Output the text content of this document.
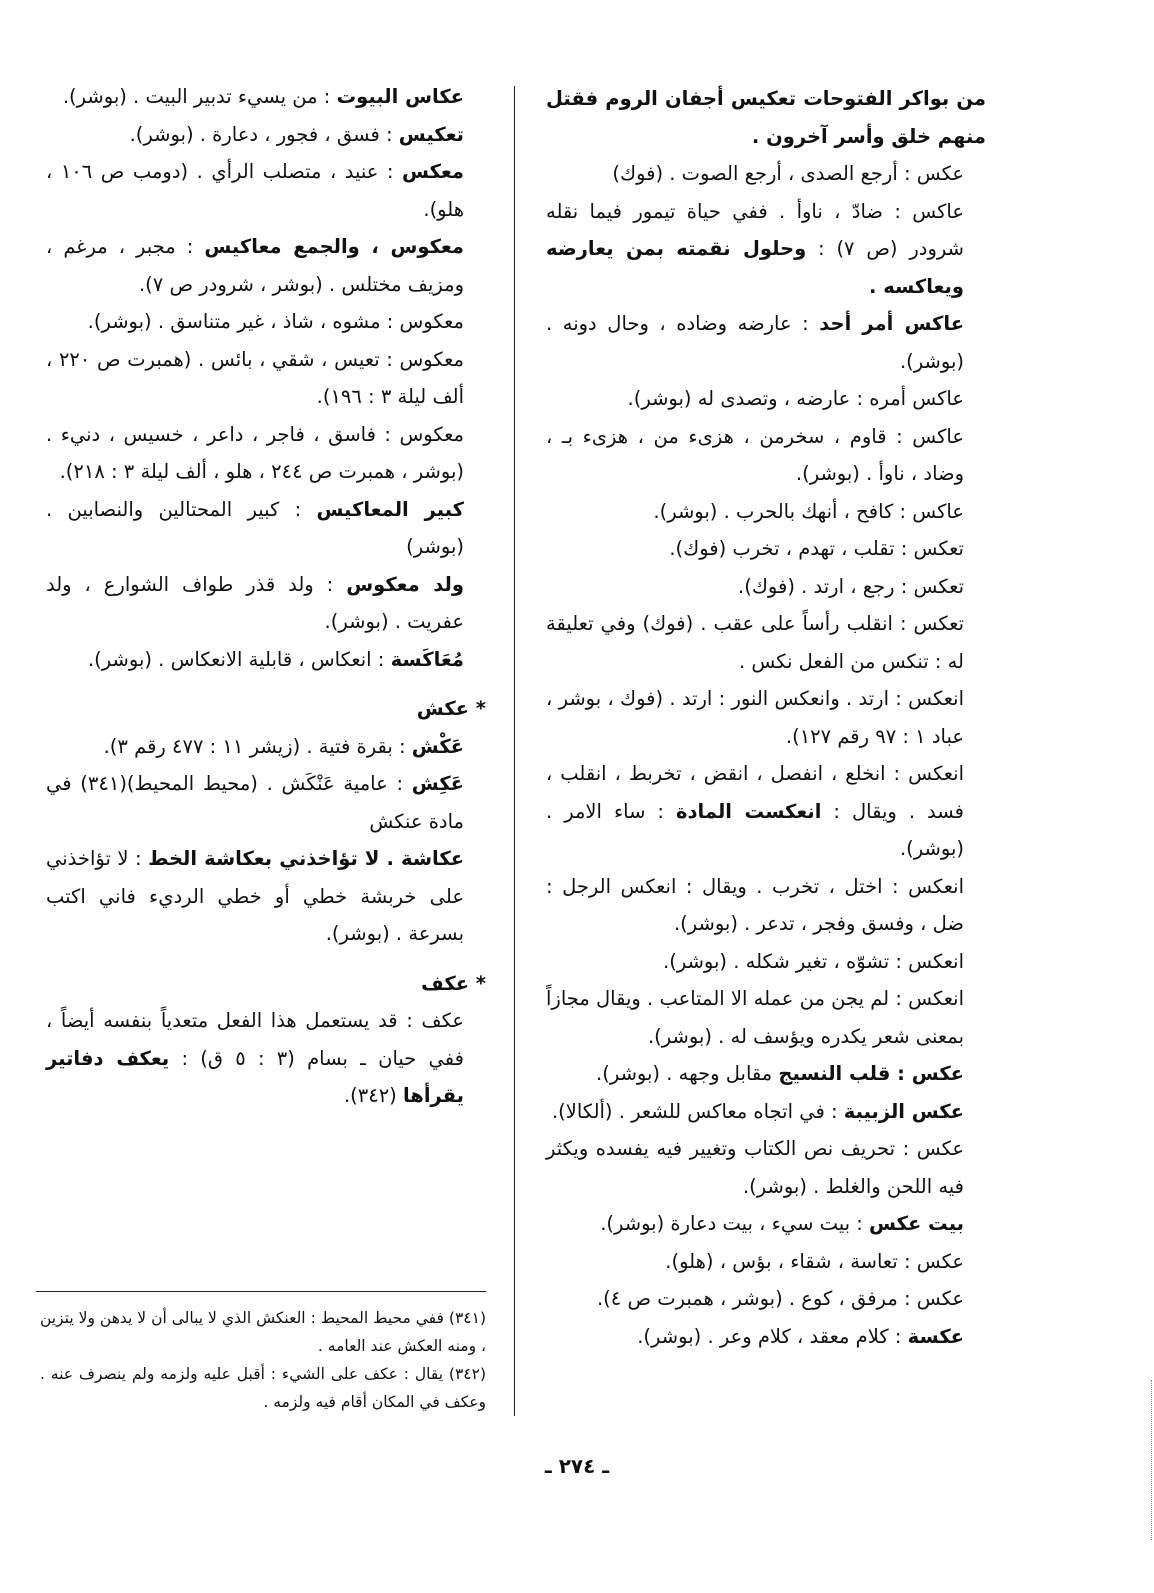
من بواكر الفتوحات تعكيس أجفان الروم فقتل منهم خلق وأسر آخرون .
عكس : أرجع الصدى ، أرجع الصوت . (فوك)
عاكس : ضادّ ، ناوأ . ففي حياة تيمور فيما نقله شرودر (ص ٧) : وحلول نقمته بمن يعارضه ويعاكسه .
عاكس أمر أحد : عارضه وضاده ، وحال دونه . (بوشر).
عاكس أمره : عارضه ، وتصدى له (بوشر).
عاكس : قاوم ، سخرمن ، هزىء من ، هزىء بـ ، وضاد ، ناوأ . (بوشر).
عاكس : كافح ، أنهك بالحرب . (بوشر).
تعكس : تقلب ، تهدم ، تخرب (فوك).
تعكس : رجع ، ارتد . (فوك).
تعكس : انقلب رأساً على عقب . (فوك) وفي تعليقة له : تنكس من الفعل نكس .
انعكس : ارتد . وانعكس النور : ارتد . (فوك ، بوشر ، عباد ١ : ٩٧ رقم ١٢٧).
انعكس : انخلع ، انفصل ، انقض ، تخربط ، انقلب ، فسد . ويقال : انعكست المادة : ساء الامر . (بوشر).
انعكس : اختل ، تخرب . ويقال : انعكس الرجل : ضل ، وفسق وفجر ، تدعر . (بوشر).
انعكس : تشوّه ، تغير شكله . (بوشر).
انعكس : لم يجن من عمله الا المتاعب . ويقال مجازاً بمعنى شعر يكدره ويؤسف له . (بوشر).
عكس : قلب النسيج مقابل وجهه . (بوشر).
عكس الزبيبة : في اتجاه معاكس للشعر . (ألكالا).
عكس : تحريف نص الكتاب وتغيير فيه يفسده ويكثر فيه اللحن والغلط . (بوشر).
بيت عكس : بيت سيء ، بيت دعارة (بوشر).
عكس : تعاسة ، شقاء ، بؤس ، (هلو).
عكس : مرفق ، كوع . (بوشر ، همبرت ص ٤).
عكسة : كلام معقد ، كلام وعر . (بوشر).
عكاس البيوت : من يسيء تدبير البيت . (بوشر).
تعكيس : فسق ، فجور ، دعارة . (بوشر).
معكس : عنيد ، متصلب الرأي . (دومب ص ١٠٦ ، هلو).
معكوس ، والجمع معاكيس : مجبر ، مرغم ، ومزيف مختلس . (بوشر ، شرودر ص ٧).
معكوس : مشوه ، شاذ ، غير متناسق . (بوشر).
معكوس : تعيس ، شقي ، بائس . (همبرت ص ٢٢٠ ، ألف ليلة ٣ : ١٩٦).
معكوس : فاسق ، فاجر ، داعر ، خسيس ، دنيء . (بوشر ، همبرت ص ٢٤٤ ، هلو ، ألف ليلة ٣ : ٢١٨).
كبير المعاكيس : كبير المحتالين والنصابين . (بوشر)
ولد معكوس : ولد قذر طواف الشوارع ، ولد عفريت . (بوشر).
مُعَاكَسة : انعكاس ، قابلية الانعكاس . (بوشر).
* عكش
عَكْش : بقرة فتية . (زيشر ١١ : ٤٧٧ رقم ٣).
عَكِش : عامية عَنْكَش . (محيط المحيط)(٣٤١) في مادة عنكش
عكاشة . لا تؤاخذني بعكاشة الخط : لا تؤاخذني على خربشة خطي أو خطي الرديء فاني اكتب بسرعة . (بوشر).
* عكف
عكف : قد يستعمل هذا الفعل متعدياً بنفسه أيضاً ، ففي حيان ـ بسام (٣ : ٥ ق) : يعكف دفاتير يقرأها (٣٤٢).
(٣٤١) ففي محيط المحيط : العنكش الذي لا يبالى أن لا يدهن ولا يتزين ، ومنه العكش عند العامه .
(٣٤٢) يقال : عكف على الشيء : أقبل عليه ولزمه ولم ينصرف عنه . وعكف في المكان أقام فيه ولزمه .
ـ ٢٧٤ ـ
